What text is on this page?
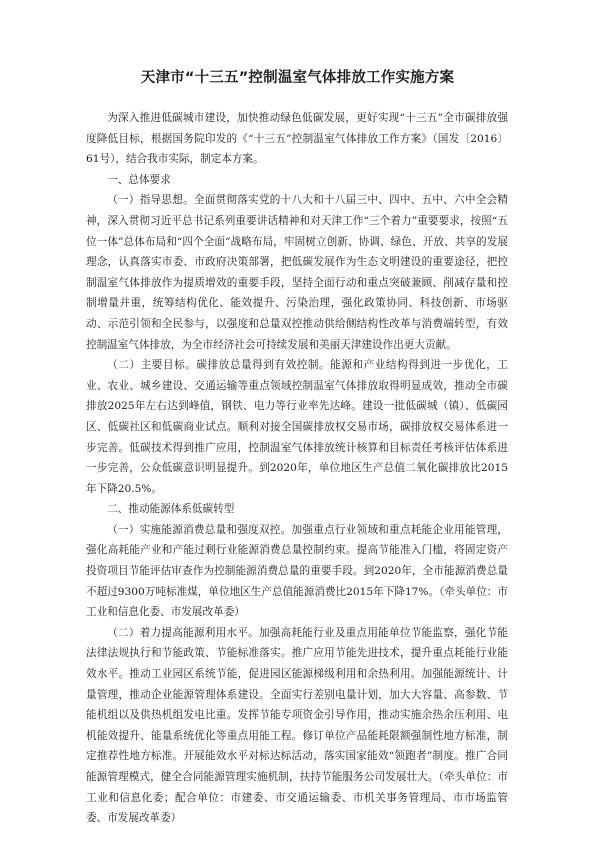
天津市“十三五”控制温室气体排放工作实施方案

为深入推进低碳城市建设，加快推动绿色低碳发展，更好实现“十三五”全市碳排放强度降低目标，根据国务院印发的《“十三五”控制温室气体排放工作方案》（国发〔2016〕61号），结合我市实际，制定本方案。

一、总体要求

（一）指导思想。全面贯彻落实党的十八大和十八届三中、四中、五中、六中全会精神，深入贯彻习近平总书记系列重要讲话精神和对天津工作“三个着力”重要要求，按照“五位一体”总体布局和“四个全面”战略布局，牢固树立创新、协调、绿色、开放、共享的发展理念，认真落实市委、市政府决策部署，把低碳发展作为生态文明建设的重要途径，把控制温室气体排放作为提质增效的重要手段，坚持全面行动和重点突破兼顾、削减存量和控制增量并重，统筹结构优化、能效提升、污染治理，强化政策协同、科技创新、市场驱动、示范引领和全民参与，以强度和总量双控推动供给侧结构性改革与消费端转型，有效控制温室气体排放，为全市经济社会可持续发展和美丽天津建设作出更大贡献。

（二）主要目标。碳排放总量得到有效控制。能源和产业结构得到进一步优化，工业、农业、城乡建设、交通运输等重点领域控制温室气体排放取得明显成效，推动全市碳排放2025年左右达到峰值，钢铁、电力等行业率先达峰。建设一批低碳城（镇）、低碳园区、低碳社区和低碳商业试点。顺利对接全国碳排放权交易市场，碳排放权交易体系进一步完善。低碳技术得到推广应用，控制温室气体排放统计核算和目标责任考核评估体系进一步完善，公众低碳意识明显提升。到2020年，单位地区生产总值二氧化碳排放比2015年下降20.5%。

二、推动能源体系低碳转型

（一）实施能源消费总量和强度双控。加强重点行业领域和重点耗能企业用能管理，强化高耗能产业和产能过剩行业能源消费总量控制约束。提高节能准入门槛，将固定资产投资项目节能评估审查作为控制能源消费总量的重要手段。到2020年，全市能源消费总量不超过9300万吨标准煤，单位地区生产总值能源消费比2015年下降17%。（牵头单位：市工业和信息化委、市发展改革委）

（二）着力提高能源利用水平。加强高耗能行业及重点用能单位节能监察，强化节能法律法规执行和节能政策、节能标准落实。推广应用节能先进技术，提升重点耗能行业能效水平。推动工业园区系统节能，促进园区能源梯级利用和余热利用。加强能源统计、计量管理，推动企业能源管理体系建设。全面实行差别电量计划，加大大容量、高参数、节能机组以及供热机组发电比重。发挥节能专项资金引导作用，推动实施余热余压利用、电机能效提升、能量系统优化等重点用能工程。修订单位产品能耗限额强制性地方标准，制定推荐性地方标准。开展能效水平对标达标活动，落实国家能效“领跑者”制度。推广合同能源管理模式，健全合同能源管理实施机制，扶持节能服务公司发展壮大。（牵头单位：市工业和信息化委；配合单位：市建委、市交通运输委、市机关事务管理局、市市场监管委、市发展改革委）
